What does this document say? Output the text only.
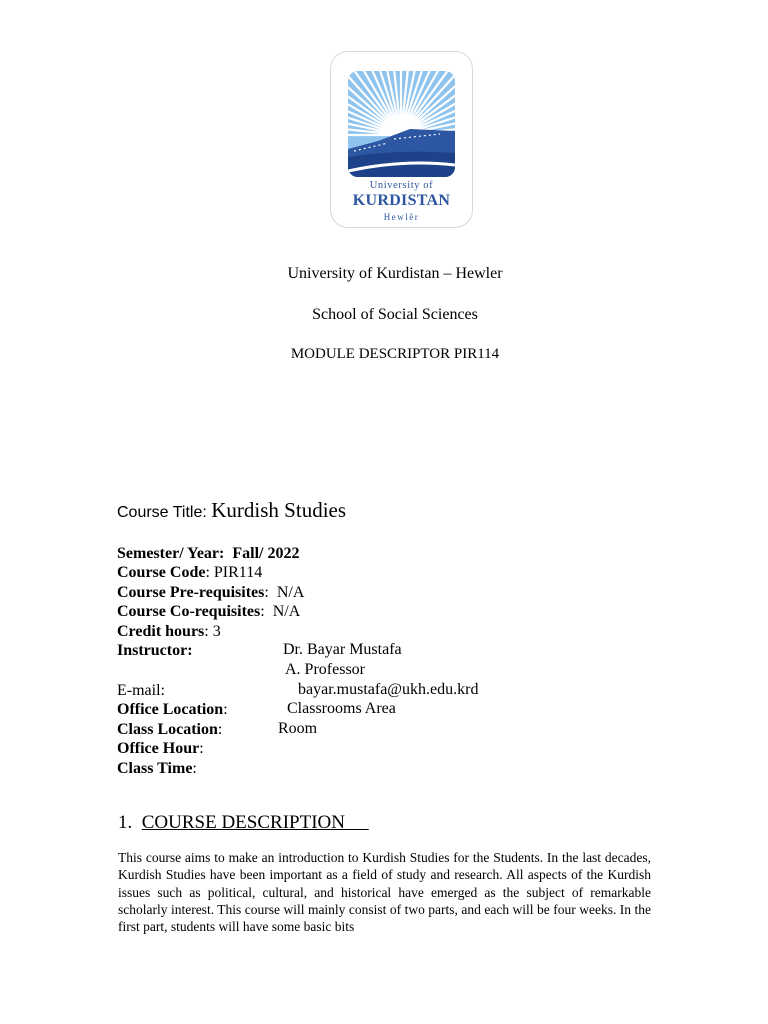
University of
KURDISTAN
Hewlêr
University of Kurdistan – Hewler
School of Social Sciences
MODULE DESCRIPTOR PIR114
Course Title: Kurdish Studies
Semester/ Year: Fall/ 2022
Course Code: PIR114
Course Pre-requisites:  N/A
Course Co-requisites:  N/A
Credit hours: 3
Instructor:	Dr. Bayar Mustafa
A. Professor
E-mail:	bayar.mustafa@ukh.edu.krd
Office Location:	Classrooms Area
Class Location:	Room
Office Hour:
Class Time:
1. COURSE DESCRIPTION
This course aims to make an introduction to Kurdish Studies for the Students. In the last decades, Kurdish Studies have been important as a field of study and research. All aspects of the Kurdish issues such as political, cultural, and historical have emerged as the subject of remarkable scholarly interest. This course will mainly consist of two parts, and each will be four weeks. In the first part, students will have some basic bits
